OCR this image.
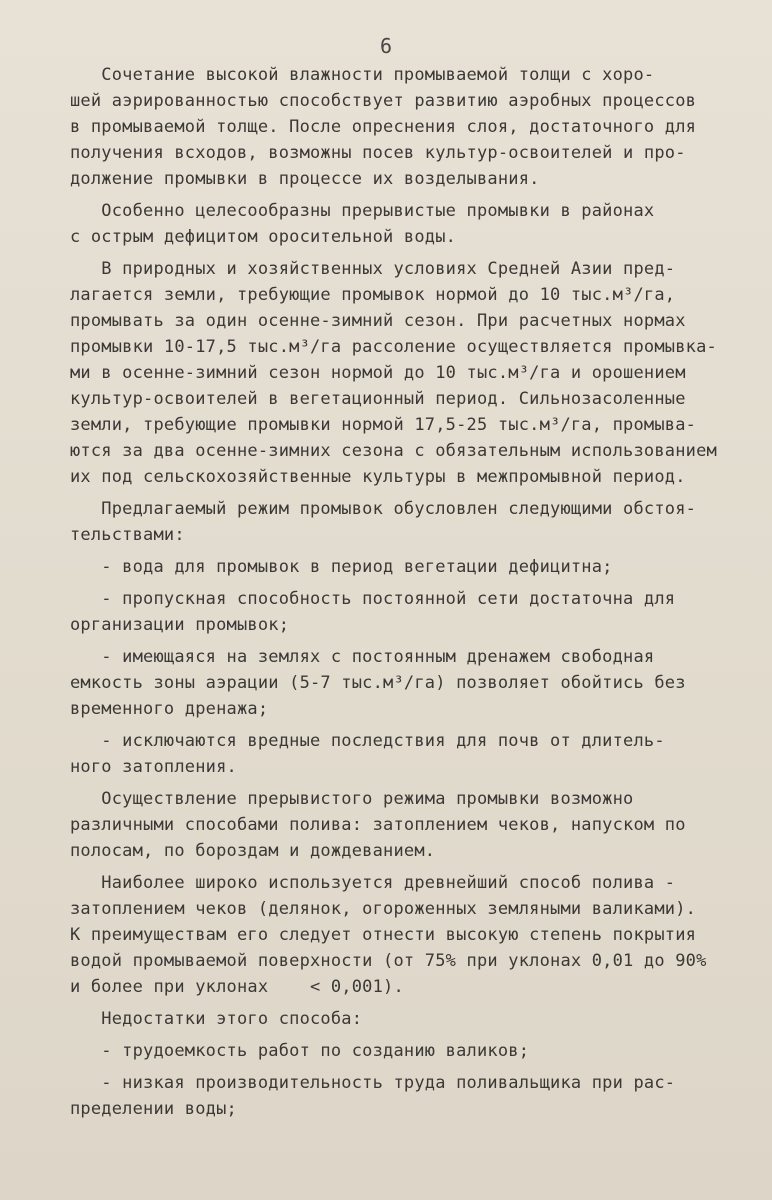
6
Сочетание высокой влажности промываемой толщи с хоро-
шей аэрированностью способствует развитию аэробных процессов
в промываемой толще. После опреснения слоя, достаточного для
получения всходов, возможны посев культур-освоителей и про-
должение промывки в процессе их возделывания.
Особенно целесообразны прерывистые промывки в районах
с острым дефицитом оросительной воды.
В природных и хозяйственных условиях Средней Азии пред-
лагается земли, требующие промывок нормой до 10 тыс.м³/га,
промывать за один осенне-зимний сезон. При расчетных нормах
промывки 10-17,5 тыс.м³/га рассоление осуществляется промывка-
ми в осенне-зимний сезон нормой до 10 тыс.м³/га и орошением
культур-освоителей в вегетационный период. Сильнозасоленные
земли, требующие промывки нормой 17,5-25 тыс.м³/га, промыва-
ются за два осенне-зимних сезона с обязательным использованием
их под сельскохозяйственные культуры в межпромывной период.
Предлагаемый режим промывок обусловлен следующими обстоя-
тельствами:
- вода для промывок в период вегетации дефицитна;
- пропускная способность постоянной сети достаточна для
организации промывок;
- имеющаяся на землях с постоянным дренажем свободная
емкость зоны аэрации (5-7 тыс.м³/га) позволяет обойтись без
временного дренажа;
- исключаются вредные последствия для почв от длитель-
ного затопления.
Осуществление прерывистого режима промывки возможно
различными способами полива: затоплением чеков, напуском по
полосам, по бороздам и дождеванием.
Наиболее широко используется древнейший способ полива -
затоплением чеков (делянок, огороженных земляными валиками).
К преимуществам его следует отнести высокую степень покрытия
водой промываемой поверхности (от 75% при уклонах 0,01 до 90%
и более при уклонах    < 0,001).
Недостатки этого способа:
- трудоемкость работ по созданию валиков;
- низкая производительность труда поливальщика при рас-
пределении воды;
